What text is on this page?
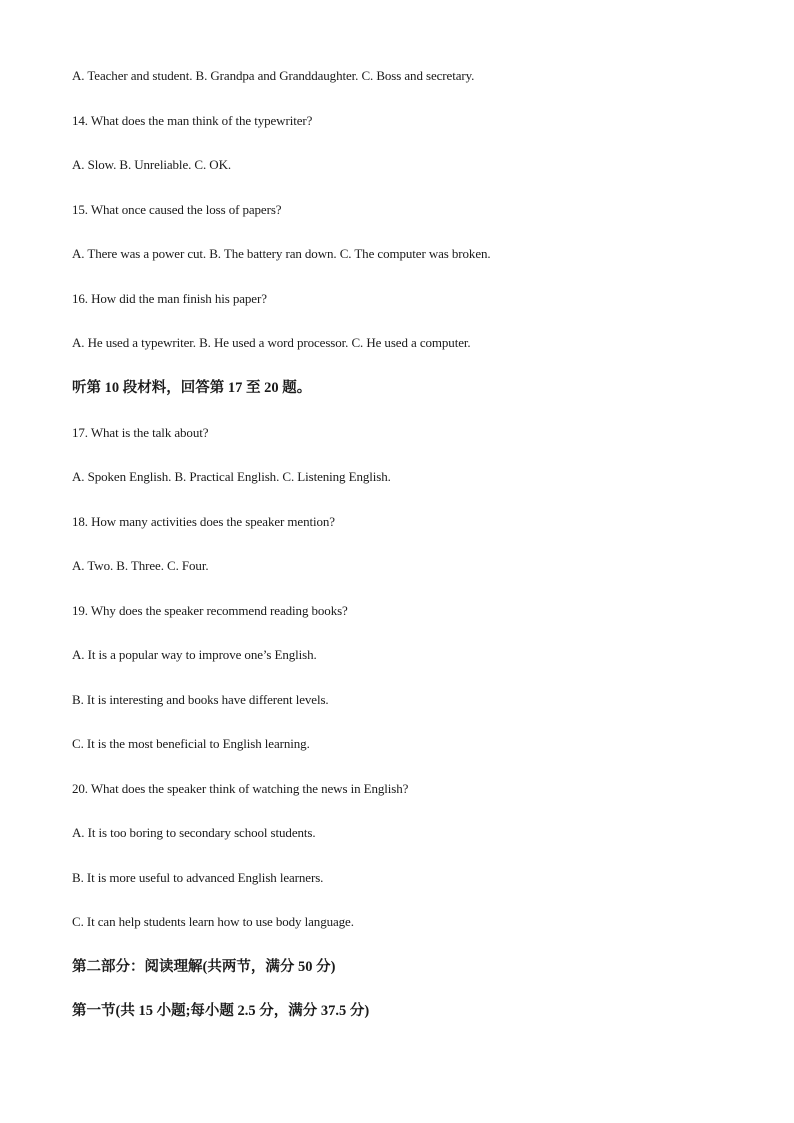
A. Teacher and student. B. Grandpa and Granddaughter. C. Boss and secretary.
14. What does the man think of the typewriter?
A. Slow. B. Unreliable. C. OK.
15. What once caused the loss of papers?
A. There was a power cut. B. The battery ran down. C. The computer was broken.
16. How did the man finish his paper?
A. He used a typewriter. B. He used a word processor. C. He used a computer.
听第 10 段材料，回答第 17 至 20 题。
17. What is the talk about?
A. Spoken English. B. Practical English. C. Listening English.
18. How many activities does the speaker mention?
A. Two. B. Three. C. Four.
19. Why does the speaker recommend reading books?
A. It is a popular way to improve one’s English.
B. It is interesting and books have different levels.
C. It is the most beneficial to English learning.
20. What does the speaker think of watching the news in English?
A. It is too boring to secondary school students.
B. It is more useful to advanced English learners.
C. It can help students learn how to use body language.
第二部分：阅读理解(共两节，满分 50 分)
第一节(共 15 小题;每小题 2.5 分，满分 37.5 分)
